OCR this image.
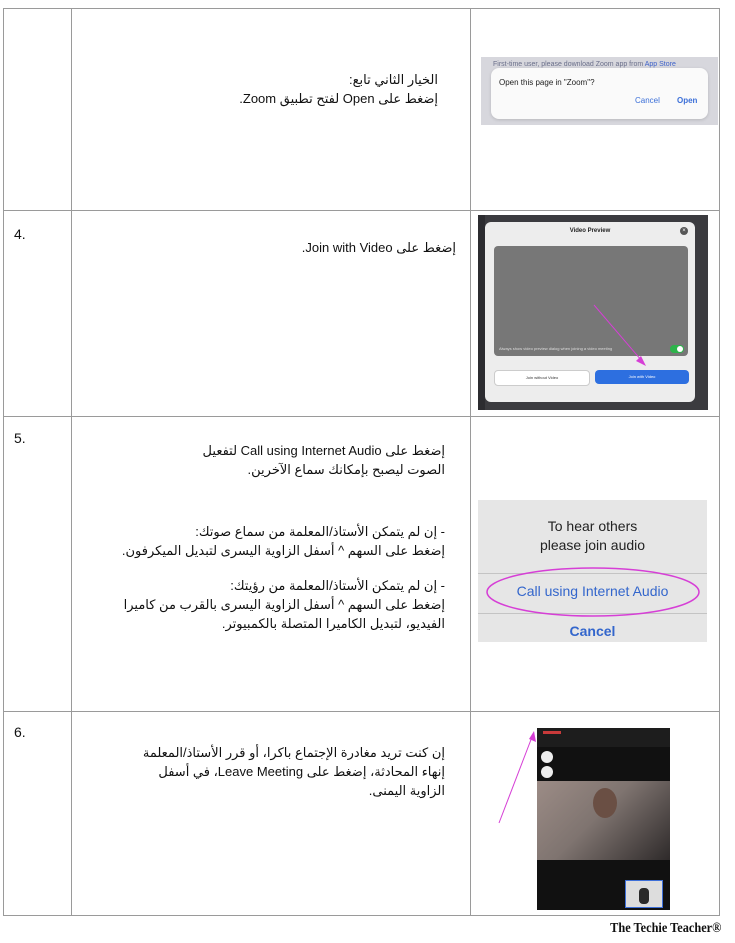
4.
5.
6.
الخيار الثاني تابع:
إضغط على Open لفتح تطبيق Zoom.
إضغط على Join with Video.
إضغط على Call using Internet Audio لتفعيل
الصوت ليصبح بإمكانك سماع الآخرين.
- إن لم يتمكن الأستاذ/المعلمة من سماع صوتك:
إضغط على السهم ^ أسفل الزاوية اليسرى لتبديل الميكرفون.
- إن لم يتمكن الأستاذ/المعلمة من رؤيتك:
إضغط على السهم ^ أسفل الزاوية اليسرى بالقرب من كاميرا
الفيديو، لتبديل الكاميرا المتصلة بالكمبيوتر.
إن كنت تريد مغادرة الإجتماع باكرا، أو قرر الأستاذ/المعلمة
إنهاء المحادثة، إضغط على Leave Meeting، في أسفل
الزاوية اليمنى.
First-time user, please download Zoom app from App Store
Open this page in "Zoom"?
Cancel Open
Video Preview	×
Always show video preview dialog when joining a video meeting
Join without Video	Join with Video
To hear others
please join audio
Call using Internet Audio
Cancel
The Techie Teacher®
